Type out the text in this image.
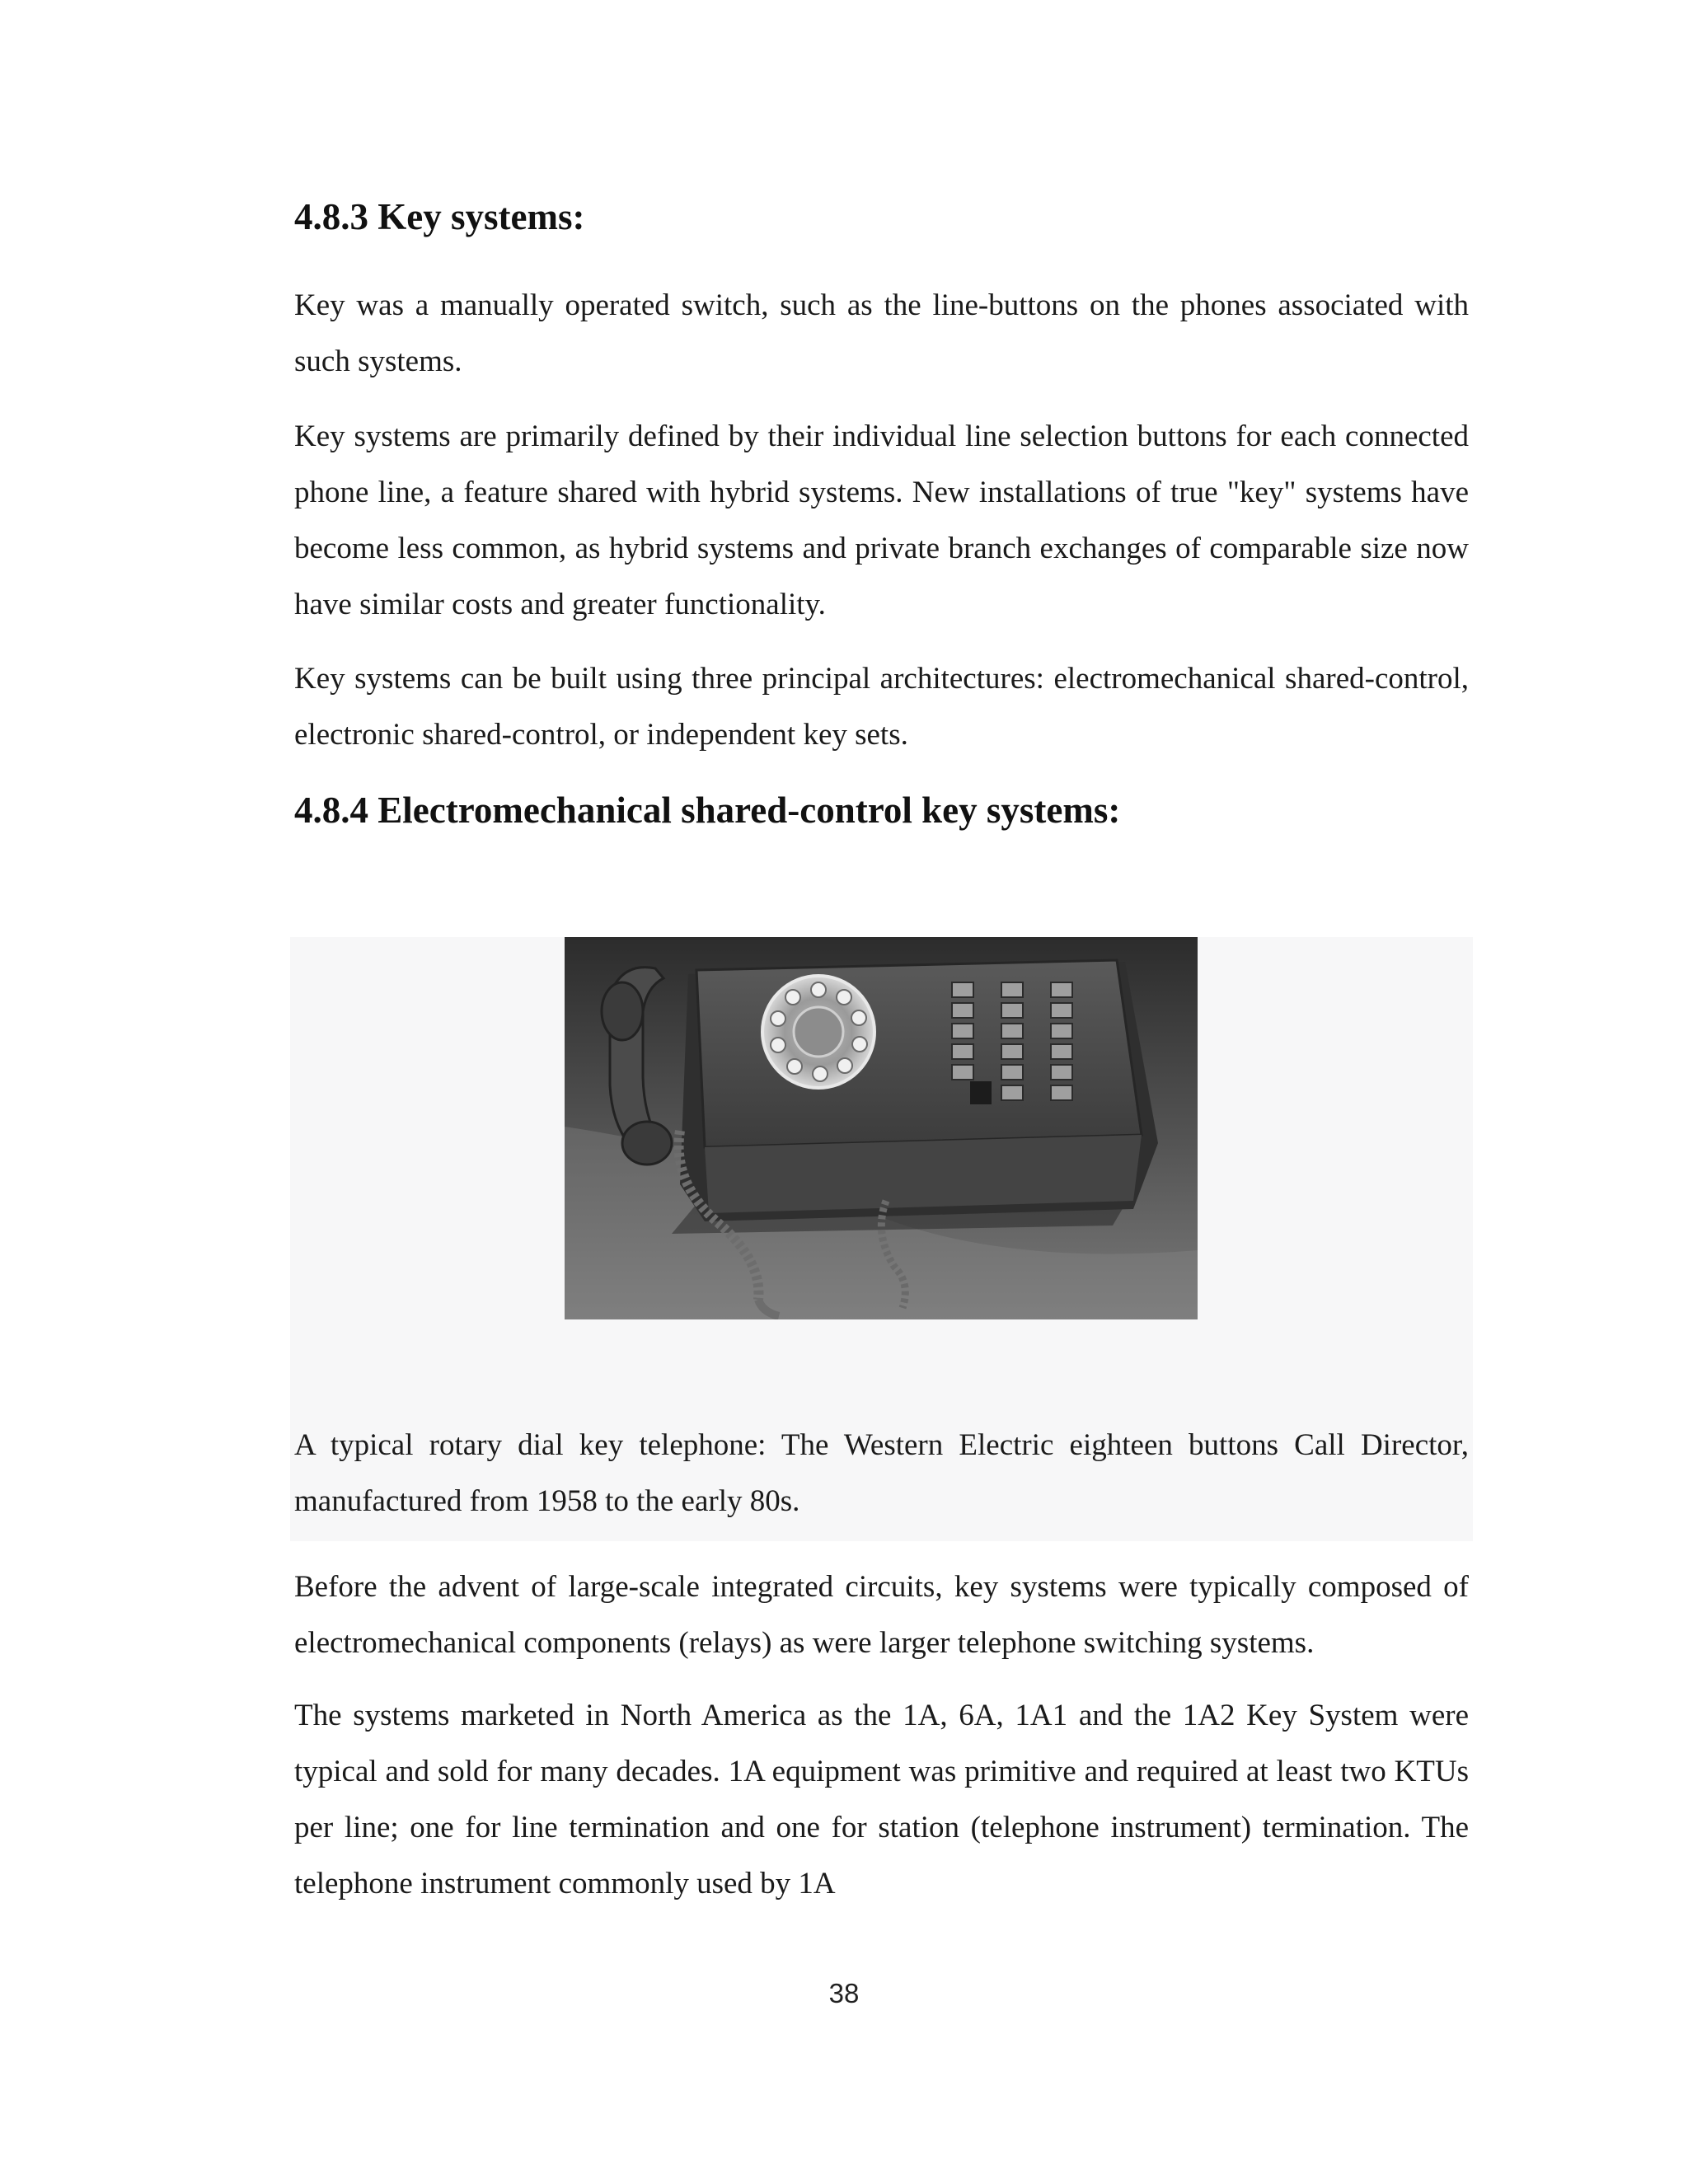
4.8.3 Key systems:

Key was a manually operated switch, such as the line-buttons on the phones associated with such systems.

Key systems are primarily defined by their individual line selection buttons for each connected phone line, a feature shared with hybrid systems. New installations of true "key" systems have become less common, as hybrid systems and private branch exchanges of comparable size now have similar costs and greater functionality.

Key systems can be built using three principal architectures: electromechanical shared-control, electronic shared-control, or independent key sets.

4.8.4 Electromechanical shared-control key systems:

A typical rotary dial key telephone: The Western Electric eighteen buttons Call Director, manufactured from 1958 to the early 80s.

Before the advent of large-scale integrated circuits, key systems were typically composed of electromechanical components (relays) as were larger telephone switching systems.

The systems marketed in North America as the 1A, 6A, 1A1 and the 1A2 Key System were typical and sold for many decades. 1A equipment was primitive and required at least two KTUs per line; one for line termination and one for station (telephone instrument) termination. The telephone instrument commonly used by 1A

38
